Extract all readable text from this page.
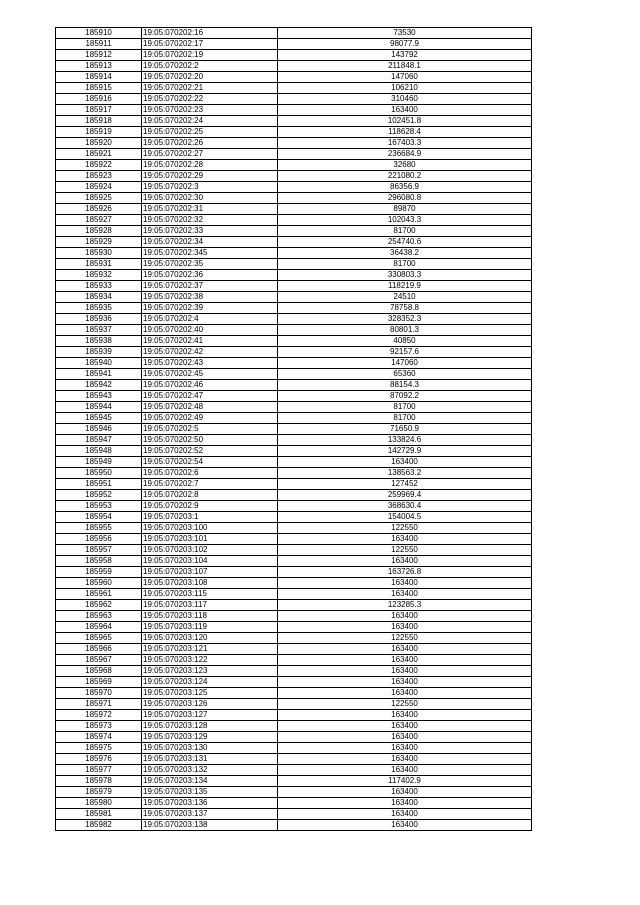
185910	19:05:070202:16	73530
185911	19:05:070202:17	98077.9
185912	19:05:070202:19	143792
185913	19:05:070202:2	211848.1
185914	19:05:070202:20	147060
185915	19:05:070202:21	106210
185916	19:05:070202:22	310460
185917	19:05:070202:23	163400
185918	19:05:070202:24	102451.8
185919	19:05:070202:25	118628.4
185920	19:05:070202:26	167403.3
185921	19:05:070202:27	236684.9
185922	19:05:070202:28	32680
185923	19:05:070202:29	221080.2
185924	19:05:070202:3	86356.9
185925	19:05:070202:30	296080.8
185926	19:05:070202:31	89870
185927	19:05:070202:32	102043.3
185928	19:05:070202:33	81700
185929	19:05:070202:34	254740.6
185930	19:05:070202:345	36438.2
185931	19:05:070202:35	81700
185932	19:05:070202:36	330803.3
185933	19:05:070202:37	118219.9
185934	19:05:070202:38	24510
185935	19:05:070202:39	78758.8
185936	19:05:070202:4	328352.3
185937	19:05:070202:40	80801.3
185938	19:05:070202:41	40850
185939	19:05:070202:42	92157.6
185940	19:05:070202:43	147060
185941	19:05:070202:45	65360
185942	19:05:070202:46	88154.3
185943	19:05:070202:47	87092.2
185944	19:05:070202:48	81700
185945	19:05:070202:49	81700
185946	19:05:070202:5	71650.9
185947	19:05:070202:50	133824.6
185948	19:05:070202:52	142729.9
185949	19:05:070202:54	163400
185950	19:05:070202:6	138563.2
185951	19:05:070202:7	127452
185952	19:05:070202:8	259969.4
185953	19:05:070202:9	368630.4
185954	19:05:070203:1	154004.5
185955	19:05:070203:100	122550
185956	19:05:070203:101	163400
185957	19:05:070203:102	122550
185958	19:05:070203:104	163400
185959	19:05:070203:107	163726.8
185960	19:05:070203:108	163400
185961	19:05:070203:115	163400
185962	19:05:070203:117	123285.3
185963	19:05:070203:118	163400
185964	19:05:070203:119	163400
185965	19:05:070203:120	122550
185966	19:05:070203:121	163400
185967	19:05:070203:122	163400
185968	19:05:070203:123	163400
185969	19:05:070203:124	163400
185970	19:05:070203:125	163400
185971	19:05:070203:126	122550
185972	19:05:070203:127	163400
185973	19:05:070203:128	163400
185974	19:05:070203:129	163400
185975	19:05:070203:130	163400
185976	19:05:070203:131	163400
185977	19:05:070203:132	163400
185978	19:05:070203:134	117402.9
185979	19:05:070203:135	163400
185980	19:05:070203:136	163400
185981	19:05:070203:137	163400
185982	19:05:070203:138	163400
